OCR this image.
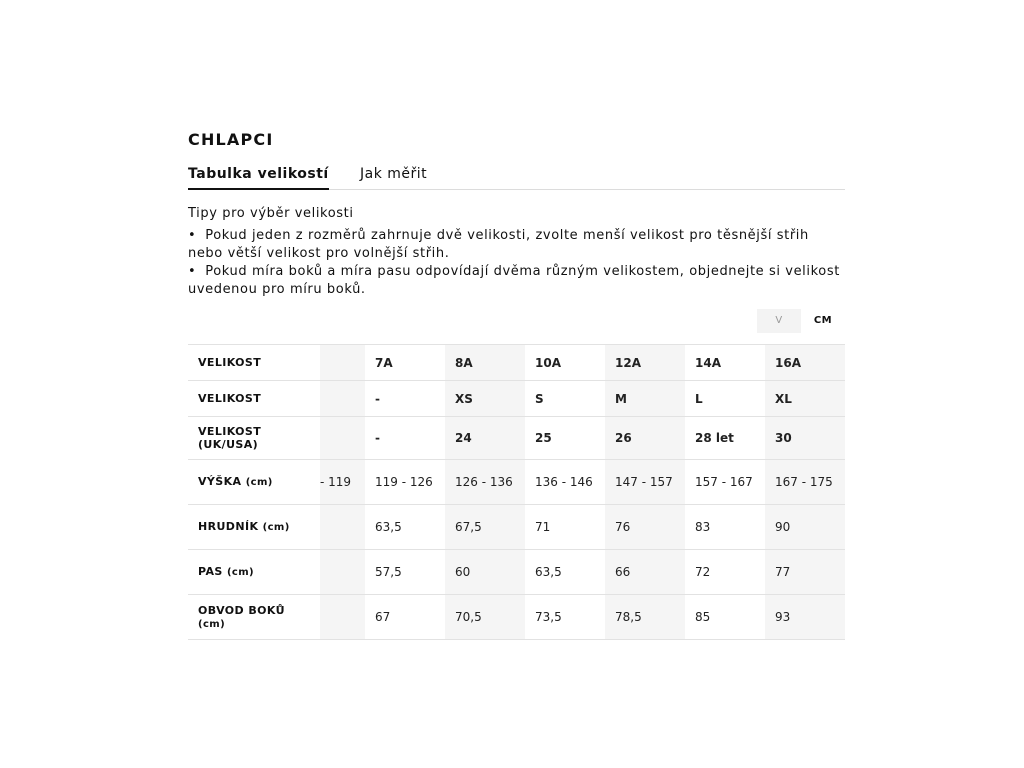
CHLAPCI
Tabulka velikostí Jak měřit
Tipy pro výběr velikosti
• Pokud jeden z rozměrů zahrnuje dvě velikosti, zvolte menší velikost pro těsnější střih nebo větší velikost pro volnější střih.
• Pokud míra boků a míra pasu odpovídají dvěma různým velikostem, objednejte si velikost uvedenou pro míru boků.
V	CM
VELIKOST		7A	8A	10A	12A	14A	16A
VELIKOST		-	XS	S	M	L	XL
VELIKOST (UK/USA)		-	24	25	26	28 let	30
VÝŠKA (cm)	- 119	119 - 126	126 - 136	136 - 146	147 - 157	157 - 167	167 - 175
HRUDNÍK (cm)		63,5	67,5	71	76	83	90
PAS (cm)		57,5	60	63,5	66	72	77
OBVOD BOKŮ (cm)		67	70,5	73,5	78,5	85	93
